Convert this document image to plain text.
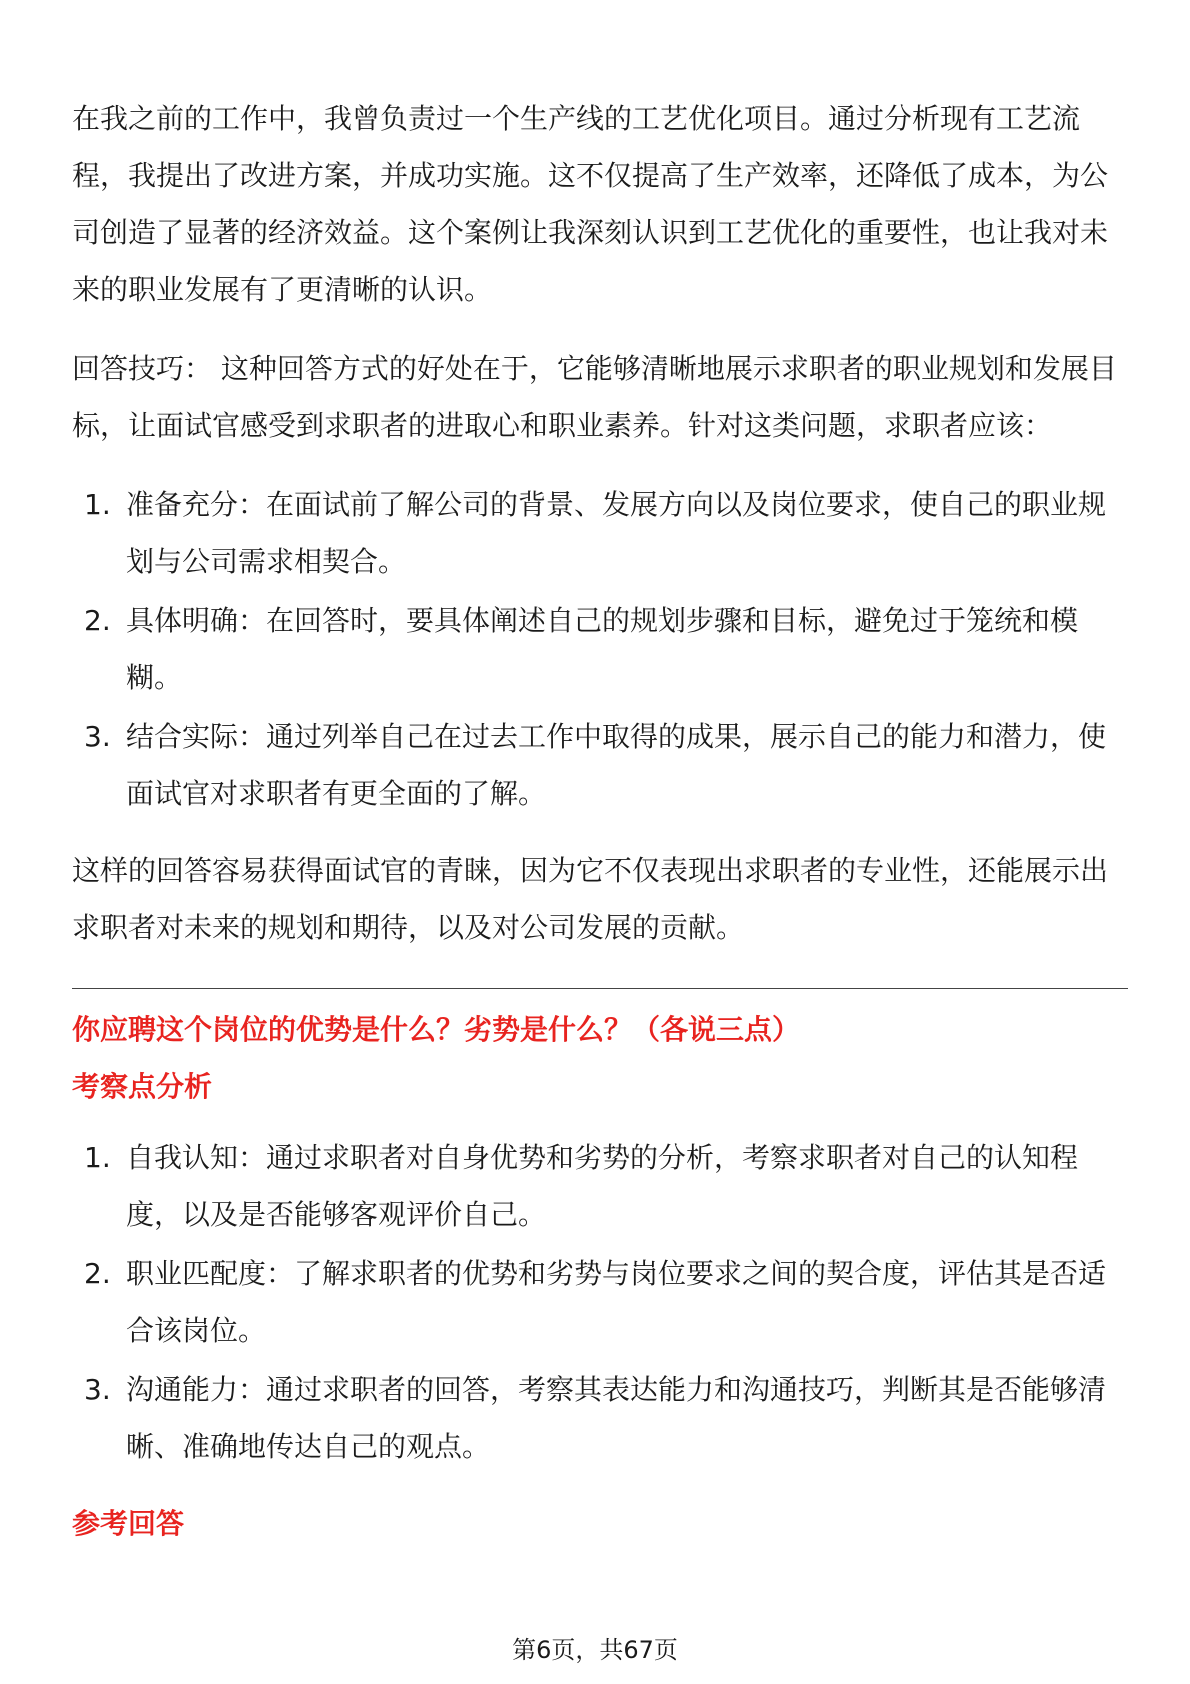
在我之前的工作中，我曾负责过一个生产线的工艺优化项目。通过分析现有工艺流程，我提出了改进方案，并成功实施。这不仅提高了生产效率，还降低了成本，为公司创造了显著的经济效益。这个案例让我深刻认识到工艺优化的重要性，也让我对未来的职业发展有了更清晰的认识。

回答技巧： 这种回答方式的好处在于，它能够清晰地展示求职者的职业规划和发展目标，让面试官感受到求职者的进取心和职业素养。针对这类问题，求职者应该：

1. 准备充分：在面试前了解公司的背景、发展方向以及岗位要求，使自己的职业规划与公司需求相契合。
2. 具体明确：在回答时，要具体阐述自己的规划步骤和目标，避免过于笼统和模糊。
3. 结合实际：通过列举自己在过去工作中取得的成果，展示自己的能力和潜力，使面试官对求职者有更全面的了解。

这样的回答容易获得面试官的青睐，因为它不仅表现出求职者的专业性，还能展示出求职者对未来的规划和期待，以及对公司发展的贡献。

你应聘这个岗位的优势是什么？劣势是什么？（各说三点）
考察点分析
1. 自我认知：通过求职者对自身优势和劣势的分析，考察求职者对自己的认知程度，以及是否能够客观评价自己。
2. 职业匹配度：了解求职者的优势和劣势与岗位要求之间的契合度，评估其是否适合该岗位。
3. 沟通能力：通过求职者的回答，考察其表达能力和沟通技巧，判断其是否能够清晰、准确地传达自己的观点。
参考回答
第6页，共67页
